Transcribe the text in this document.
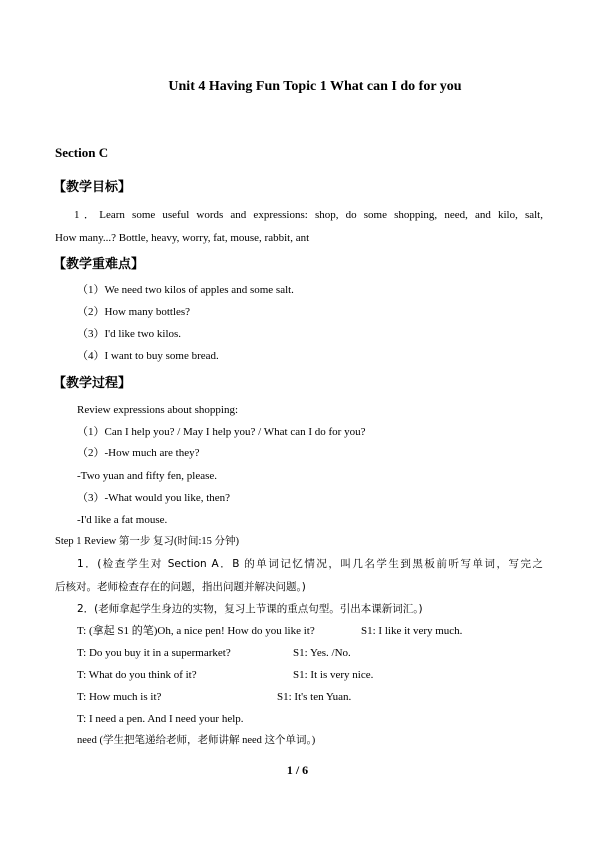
Unit 4 Having Fun Topic 1 What can I do for you
Section C
【教学目标】
1．Learn some useful words and expressions: shop, do some shopping, need, and kilo, salt,
How many...? Bottle, heavy, worry, fat, mouse, rabbit, ant
【教学重难点】
（1）We need two kilos of apples and some salt.
（2）How many bottles?
（3）I'd like two kilos.
（4）I want to buy some bread.
【教学过程】
Review expressions about shopping:
（1）Can I help you? / May I help you? / What can I do for you?
（2）-How much are they?
-Two yuan and fifty fen, please.
（3）-What would you like, then?
-I'd like a fat mouse.
Step 1 Review 第一步 复习(时间:15 分钟)
1．(检查学生对 Section A．B 的单词记忆情况，叫几名学生到黑板前听写单词，写完之
后核对。老师检查存在的问题，指出问题并解决问题。)
2．(老师拿起学生身边的实物，复习上节课的重点句型。引出本课新词汇。)
T: (拿起 S1 的笔)Oh, a nice pen! How do you like it?	S1: I like it very much.
T: Do you buy it in a supermarket?	S1: Yes. /No.
T: What do you think of it?	S1: It is very nice.
T: How much is it?	S1: It's ten Yuan.
T: I need a pen. And I need your help.
need (学生把笔递给老师，老师讲解 need 这个单词。)
1 / 6
